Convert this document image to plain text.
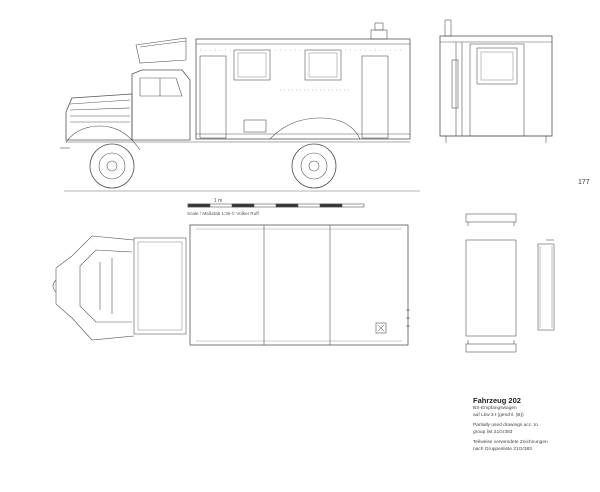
177
1 m
Scale / Maßstab 1:35 © Volker Ruff

Fahrzeug 202

BS-Empfangswagen

auf Lkw 3 t (geschl. (B))

Partially used drawings acc. to

group list 21Gr383

Teilweise verwendete Zeichnungen

nach Gruppenliste 21Gr383
